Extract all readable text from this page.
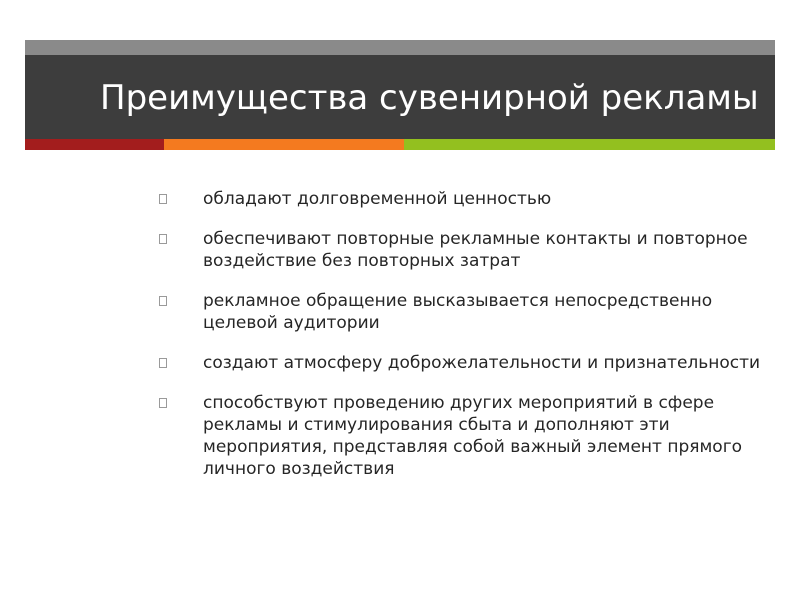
Преимущества сувенирной рекламы
обладают долговременной ценностью
обеспечивают повторные рекламные контакты и повторное воздействие без повторных затрат
рекламное обращение высказывается непосредственно целевой аудитории
создают атмосферу доброжелательности и признательности
способствуют проведению других мероприятий в сфере рекламы и стимулирования сбыта и дополняют эти мероприятия, представляя собой важный элемент прямого личного воздействия
